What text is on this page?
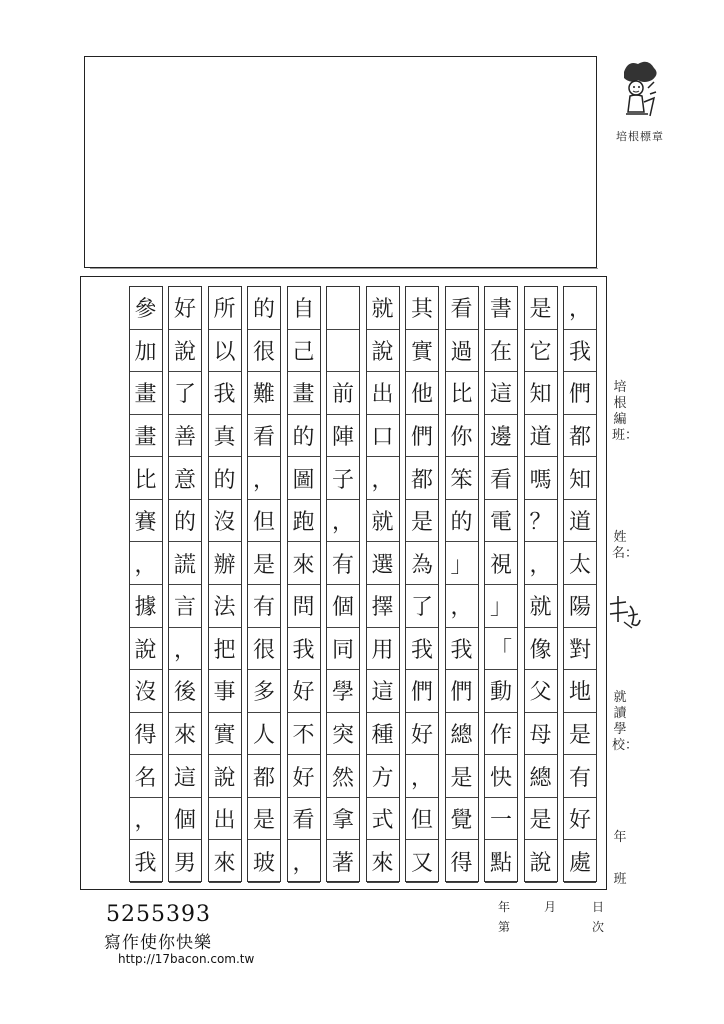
培根標章
，
我
們
都
知
道
太
陽
對
地
是
有
好
處
是
它
知
道
嗎
？
，
就
像
父
母
總
是
說
書
在
這
邊
看
電
視
」
「
動
作
快
一
點
看
過
比
你
笨
的
」
，
我
們
總
是
覺
得
其
實
他
們
都
是
為
了
我
們
好
，
但
又
就
說
出
口
，
就
選
擇
用
這
種
方
式
來
前
陣
子
，
有
個
同
學
突
然
拿
著
自
己
畫
的
圖
跑
來
問
我
好
不
好
看
，
的
很
難
看
，
但
是
有
很
多
人
都
是
玻
所
以
我
真
的
沒
辦
法
把
事
實
說
出
來
好
說
了
善
意
的
謊
言
，
後
來
這
個
男
參
加
畫
畫
比
賽
，
據
說
沒
得
名
，
我
培根編班：
姓名：
就讀學校：
年
班
5255393
寫作使你快樂
http://17bacon.com.tw
年	月	日
第	次
